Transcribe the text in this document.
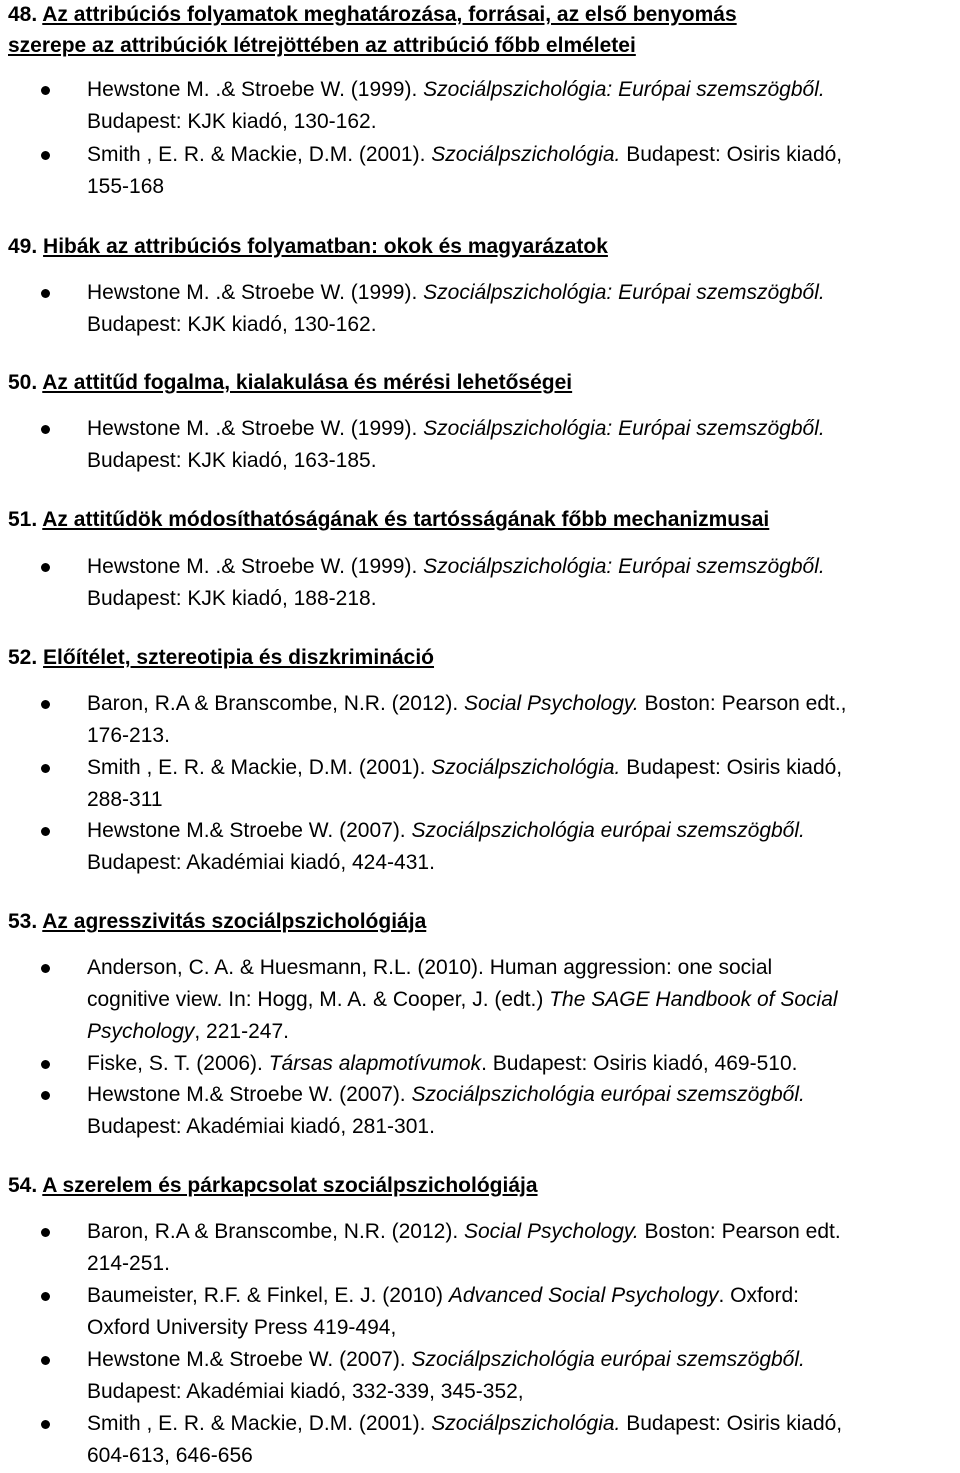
48. Az attribúciós folyamatok meghatározása, forrásai, az első benyomás
szerepe az attribúciók létrejöttében az attribúció főbb elméletei
Hewstone M. .& Stroebe W. (1999). Szociálpszichológia: Európai szemszögből.
Budapest: KJK kiadó, 130-162.
Smith , E. R. & Mackie, D.M. (2001). Szociálpszichológia. Budapest: Osiris kiadó,
155-168
49. Hibák az attribúciós folyamatban: okok és magyarázatok
Hewstone M. .& Stroebe W. (1999). Szociálpszichológia: Európai szemszögből.
Budapest: KJK kiadó, 130-162.
50. Az attitűd fogalma, kialakulása és mérési lehetőségei
Hewstone M. .& Stroebe W. (1999). Szociálpszichológia: Európai szemszögből.
Budapest: KJK kiadó, 163-185.
51. Az attitűdök módosíthatóságának és tartósságának főbb mechanizmusai
Hewstone M. .& Stroebe W. (1999). Szociálpszichológia: Európai szemszögből.
Budapest: KJK kiadó, 188-218.
52. Előítélet, sztereotipia és diszkrimináció
Baron, R.A & Branscombe, N.R. (2012). Social Psychology. Boston: Pearson edt.,
176-213.
Smith , E. R. & Mackie, D.M. (2001). Szociálpszichológia. Budapest: Osiris kiadó,
288-311
Hewstone M.& Stroebe W. (2007). Szociálpszichológia európai szemszögből.
Budapest: Akadémiai kiadó, 424-431.
53. Az agresszivitás szociálpszichológiája
Anderson, C. A. & Huesmann, R.L. (2010). Human aggression: one social
cognitive view. In: Hogg, M. A. & Cooper, J. (edt.) The SAGE Handbook of Social
Psychology, 221-247.
Fiske, S. T. (2006). Társas alapmotívumok. Budapest: Osiris kiadó, 469-510.
Hewstone M.& Stroebe W. (2007). Szociálpszichológia európai szemszögből.
Budapest: Akadémiai kiadó, 281-301.
54. A szerelem és párkapcsolat szociálpszichológiája
Baron, R.A & Branscombe, N.R. (2012). Social Psychology. Boston: Pearson edt.
214-251.
Baumeister, R.F. & Finkel, E. J. (2010) Advanced Social Psychology. Oxford:
Oxford University Press 419-494,
Hewstone M.& Stroebe W. (2007). Szociálpszichológia európai szemszögből.
Budapest: Akadémiai kiadó, 332-339, 345-352,
Smith , E. R. & Mackie, D.M. (2001). Szociálpszichológia. Budapest: Osiris kiadó,
604-613, 646-656
